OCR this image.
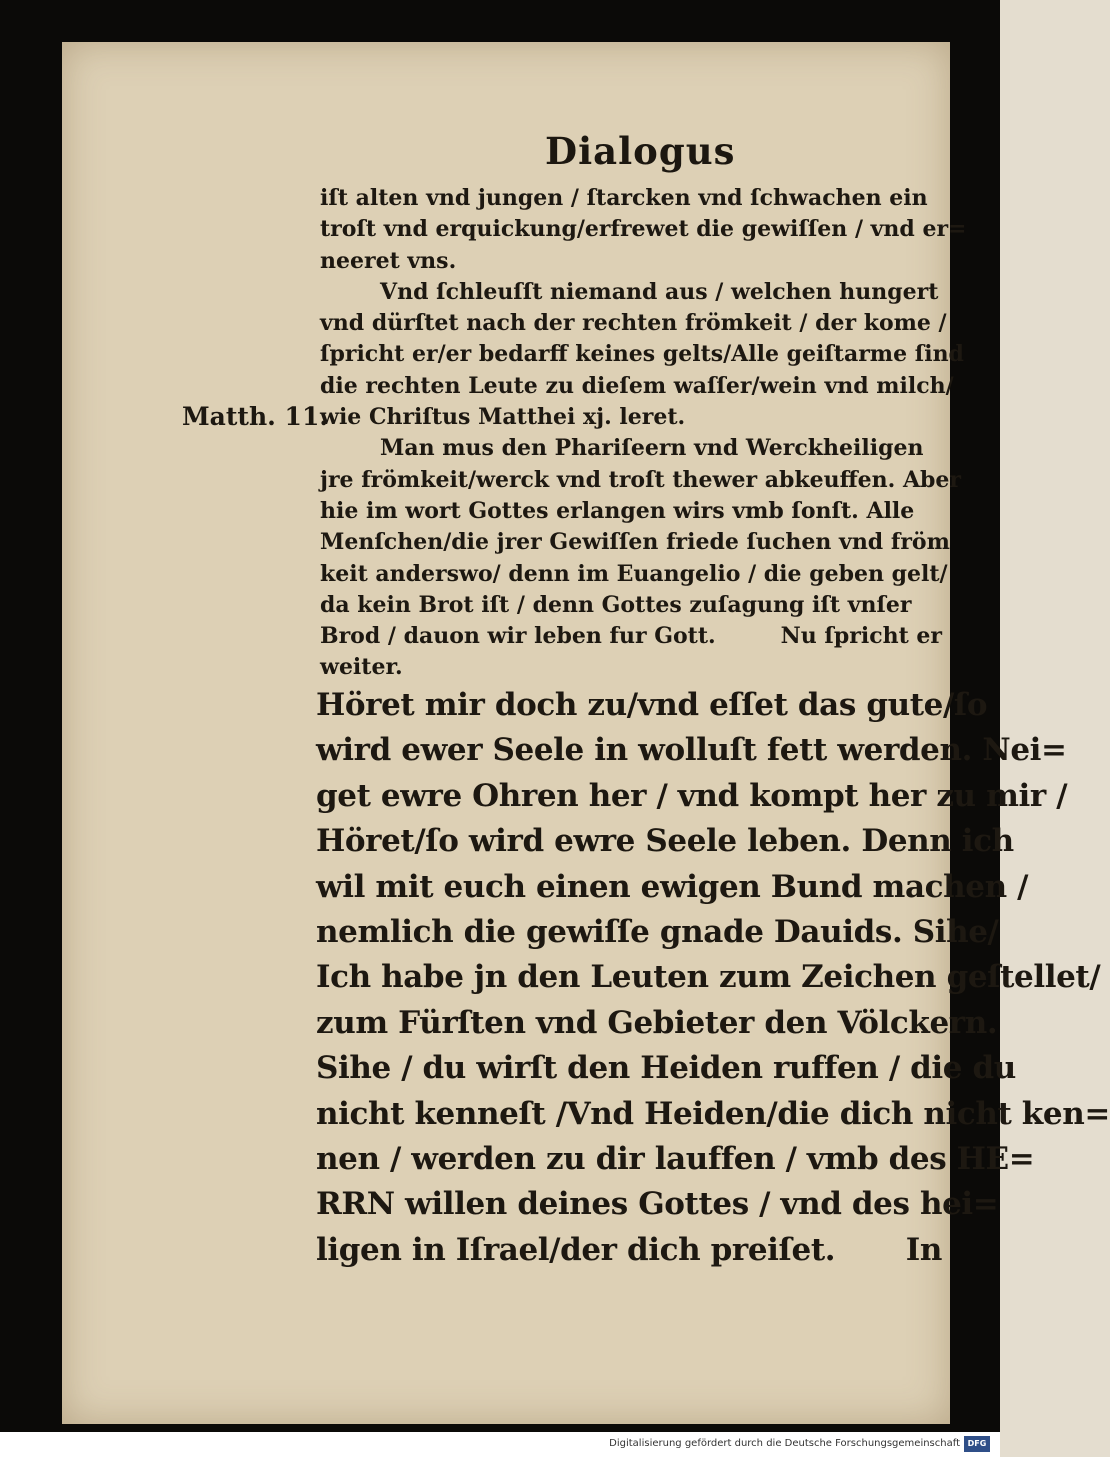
Dialogus
Matth. 11.
iſt alten vnd jungen / ſtarcken vnd ſchwachen ein
troſt vnd erquickung/erfrewet die gewiſſen / vnd er=
neeret vns.
Vnd ſchleuſſt niemand aus / welchen hungert
vnd dürſtet nach der rechten frömkeit / der kome /
ſpricht er/er bedarff keines gelts/Alle geiſtarme ſind
die rechten Leute zu dieſem waſſer/wein vnd milch/
wie Chriſtus Matthei xj. leret.
Man mus den Phariſeern vnd Werckheiligen
jre frömkeit/werck vnd troſt thewer abkeuffen. Aber
hie im wort Gottes erlangen wirs vmb ſonſt. Alle
Menſchen/die jrer Gewiſſen friede ſuchen vnd fröm
keit anderswo/ denn im Euangelio / die geben gelt/
da kein Brot iſt / denn Gottes zuſagung iſt vnſer
Brod / dauon wir leben fur Gott.	Nu ſpricht er
weiter.
Höret mir doch zu/vnd eſſet das gute/ſo
wird ewer Seele in wolluſt fett werden. Nei=
get ewre Ohren her / vnd kompt her zu mir /
Höret/ſo wird ewre Seele leben. Denn ich
wil mit euch einen ewigen Bund machen /
nemlich die gewiſſe gnade Dauids. Sihe/
Ich habe jn den Leuten zum Zeichen geſtellet/
zum Fürſten vnd Gebieter den Völckern.
Sihe / du wirſt den Heiden ruffen / die du
nicht kenneſt /Vnd Heiden/die dich nicht ken=
nen / werden zu dir lauffen / vmb des HE=
RRN willen deines Gottes / vnd des hei=
ligen in Iſrael/der dich preiſet. In
Digitalisierung gefördert durch die Deutsche Forschungsgemeinschaft DFG
